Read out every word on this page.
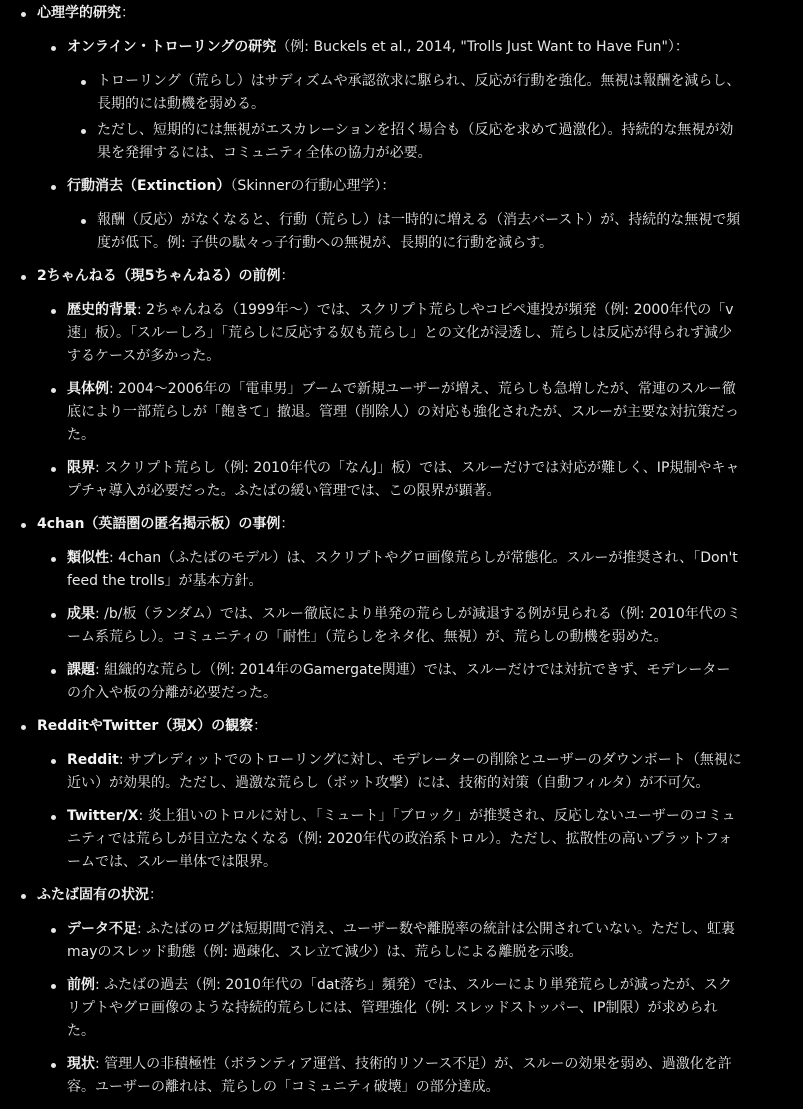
心理学的研究：
オンライン・トローリングの研究（例: Buckels et al., 2014, "Trolls Just Want to Have Fun"）：
トローリング（荒らし）はサディズムや承認欲求に駆られ、反応が行動を強化。無視は報酬を減らし、長期的には動機を弱める。
ただし、短期的には無視がエスカレーションを招く場合も（反応を求めて過激化）。持続的な無視が効果を発揮するには、コミュニティ全体の協力が必要。
行動消去（Extinction）（Skinnerの行動心理学）：
報酬（反応）がなくなると、行動（荒らし）は一時的に増える（消去バースト）が、持続的な無視で頻度が低下。例: 子供の駄々っ子行動への無視が、長期的に行動を減らす。
2ちゃんねる（現5ちゃんねる）の前例：
歴史的背景: 2ちゃんねる（1999年〜）では、スクリプト荒らしやコピペ連投が頻発（例: 2000年代の「v速」板）。「スルーしろ」「荒らしに反応する奴も荒らし」との文化が浸透し、荒らしは反応が得られず減少するケースが多かった。
具体例: 2004〜2006年の「電車男」ブームで新規ユーザーが増え、荒らしも急増したが、常連のスルー徹底により一部荒らしが「飽きて」撤退。管理（削除人）の対応も強化されたが、スルーが主要な対抗策だった。
限界: スクリプト荒らし（例: 2010年代の「なんJ」板）では、スルーだけでは対応が難しく、IP規制やキャプチャ導入が必要だった。ふたばの緩い管理では、この限界が顕著。
4chan（英語圏の匿名掲示板）の事例：
類似性: 4chan（ふたばのモデル）は、スクリプトやグロ画像荒らしが常態化。スルーが推奨され、「Don't feed the trolls」が基本方針。
成果: /b/板（ランダム）では、スルー徹底により単発の荒らしが減退する例が見られる（例: 2010年代のミーム系荒らし）。コミュニティの「耐性」（荒らしをネタ化、無視）が、荒らしの動機を弱めた。
課題: 組織的な荒らし（例: 2014年のGamergate関連）では、スルーだけでは対抗できず、モデレーターの介入や板の分離が必要だった。
RedditやTwitter（現X）の観察：
Reddit: サブレディットでのトローリングに対し、モデレーターの削除とユーザーのダウンボート（無視に近い）が効果的。ただし、過激な荒らし（ボット攻撃）には、技術的対策（自動フィルタ）が不可欠。
Twitter/X: 炎上狙いのトロルに対し、「ミュート」「ブロック」が推奨され、反応しないユーザーのコミュニティでは荒らしが目立たなくなる（例: 2020年代の政治系トロル）。ただし、拡散性の高いプラットフォームでは、スルー単体では限界。
ふたば固有の状況：
データ不足: ふたばのログは短期間で消え、ユーザー数や離脱率の統計は公開されていない。ただし、虹裏mayのスレッド動態（例: 過疎化、スレ立て減少）は、荒らしによる離脱を示唆。
前例: ふたばの過去（例: 2010年代の「dat落ち」頻発）では、スルーにより単発荒らしが減ったが、スクリプトやグロ画像のような持続的荒らしには、管理強化（例: スレッドストッパー、IP制限）が求められた。
現状: 管理人の非積極性（ボランティア運営、技術的リソース不足）が、スルーの効果を弱め、過激化を許容。ユーザーの離れは、荒らしの「コミュニティ破壊」の部分達成。
